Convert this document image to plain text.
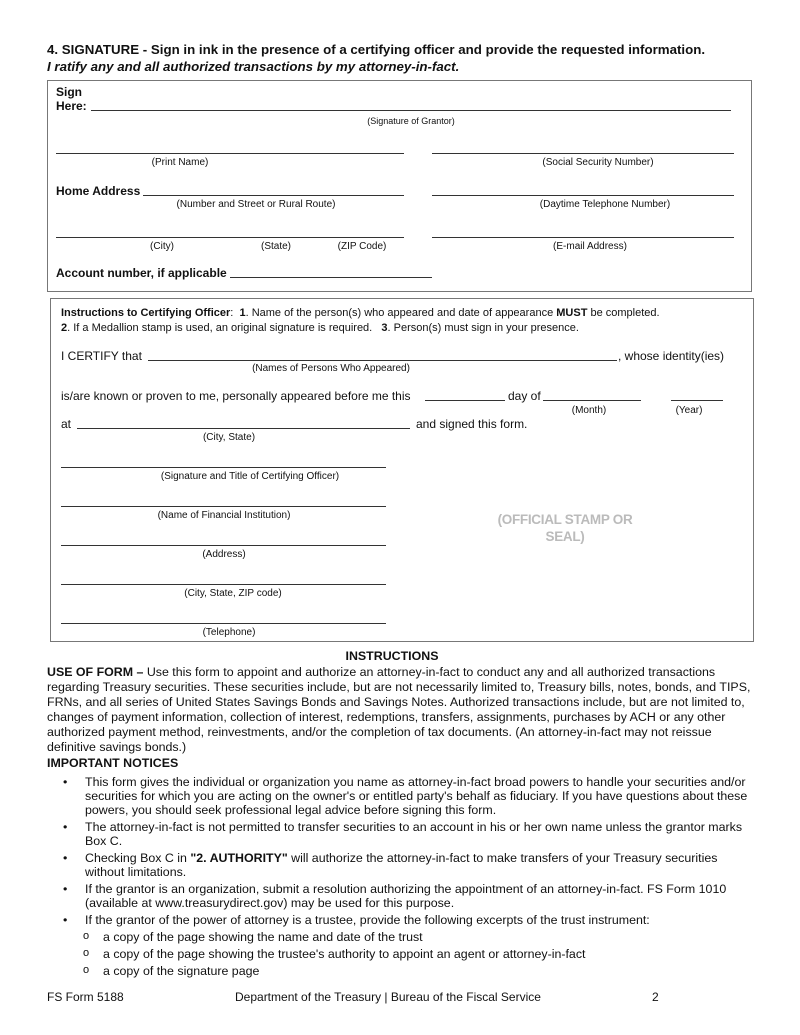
4. SIGNATURE - Sign in ink in the presence of a certifying officer and provide the requested information.
I ratify any and all authorized transactions by my attorney-in-fact.
Sign
Here:
(Signature of Grantor)
(Print Name)	(Social Security Number)
Home Address
(Number and Street or Rural Route)	(Daytime Telephone Number)
(City)	(State)	(ZIP Code)	(E-mail Address)
Account number, if applicable
Instructions to Certifying Officer:  1. Name of the person(s) who appeared and date of appearance MUST be completed.
2. If a Medallion stamp is used, an original signature is required. 3. Person(s) must sign in your presence.
I CERTIFY that	, whose identity(ies)
(Names of Persons Who Appeared)
is/are known or proven to me, personally appeared before me this	day of
(Month)	(Year)
at	and signed this form.
(City, State)
(Signature and Title of Certifying Officer)
(Name of Financial Institution)
(Address)
(City, State, ZIP code)
(Telephone)
(OFFICIAL STAMP OR SEAL)
INSTRUCTIONS

USE OF FORM – Use this form to appoint and authorize an attorney-in-fact to conduct any and all authorized transactions regarding Treasury securities. These securities include, but are not necessarily limited to, Treasury bills, notes, bonds, and TIPS, FRNs, and all series of United States Savings Bonds and Savings Notes. Authorized transactions include, but are not limited to, changes of payment information, collection of interest, redemptions, transfers, assignments, purchases by ACH or any other authorized payment method, reinvestments, and/or the completion of tax documents. (An attorney-in-fact may not reissue definitive savings bonds.)

IMPORTANT NOTICES

• This form gives the individual or organization you name as attorney-in-fact broad powers to handle your securities and/or securities for which you are acting on the owner's or entitled party's behalf as fiduciary. If you have questions about these powers, you should seek professional legal advice before signing this form.
• The attorney-in-fact is not permitted to transfer securities to an account in his or her own name unless the grantor marks Box C.
• Checking Box C in "2. AUTHORITY" will authorize the attorney-in-fact to make transfers of your Treasury securities without limitations.
• If the grantor is an organization, submit a resolution authorizing the appointment of an attorney-in-fact. FS Form 1010 (available at www.treasurydirect.gov) may be used for this purpose.
• If the grantor of the power of attorney is a trustee, provide the following excerpts of the trust instrument:
o a copy of the page showing the name and date of the trust
o a copy of the page showing the trustee's authority to appoint an agent or attorney-in-fact
o a copy of the signature page
FS Form 5188	Department of the Treasury | Bureau of the Fiscal Service	2
